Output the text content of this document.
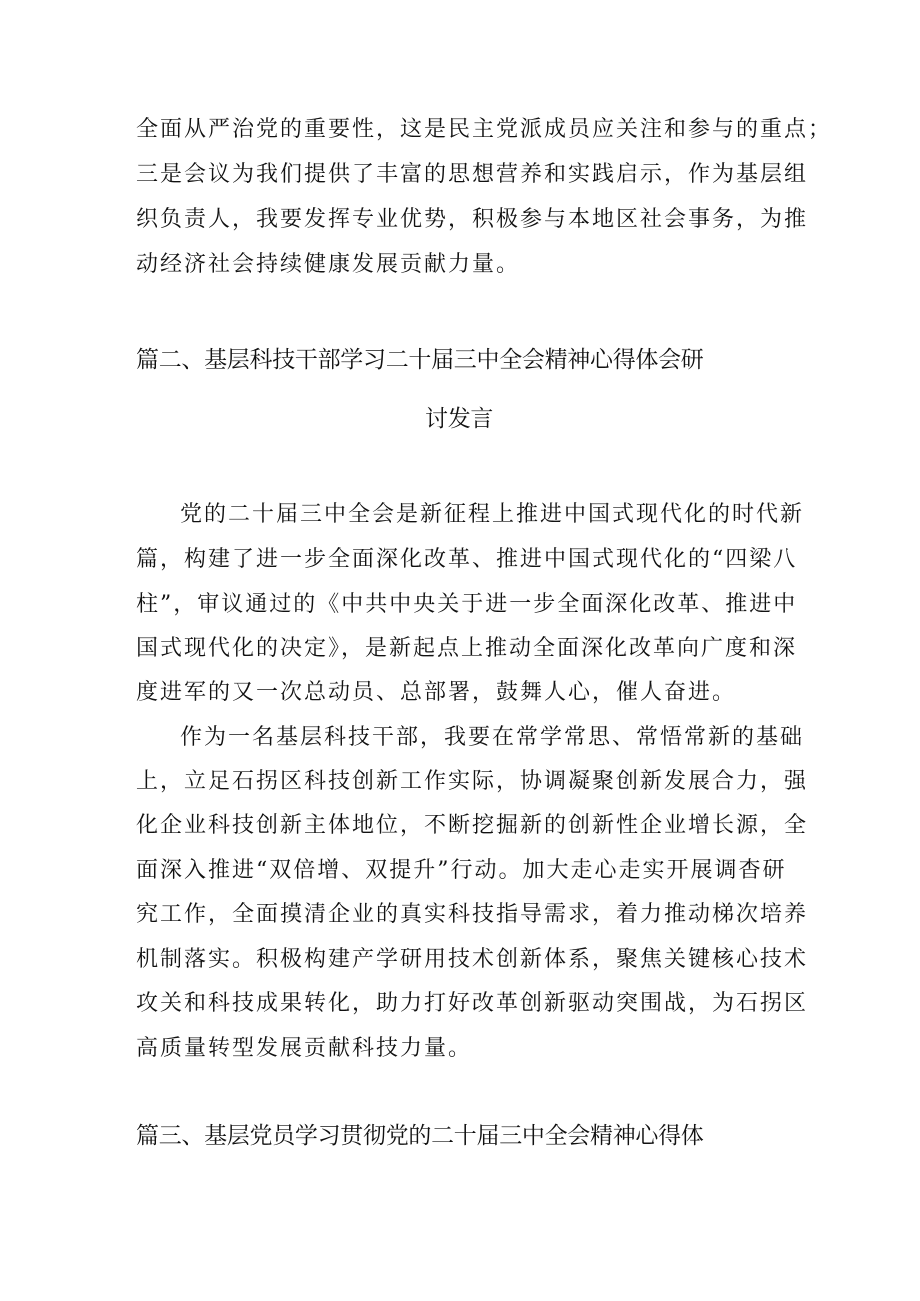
全面从严治党的重要性，这是民主党派成员应关注和参与的重点；
三是会议为我们提供了丰富的思想营养和实践启示，作为基层组
织负责人，我要发挥专业优势，积极参与本地区社会事务，为推
动经济社会持续健康发展贡献力量。
篇二、基层科技干部学习二十届三中全会精神心得体会研
讨发言
党的二十届三中全会是新征程上推进中国式现代化的时代新
篇，构建了进一步全面深化改革、推进中国式现代化的“四梁八
柱”，审议通过的《中共中央关于进一步全面深化改革、推进中
国式现代化的决定》，是新起点上推动全面深化改革向广度和深
度进军的又一次总动员、总部署，鼓舞人心，催人奋进。
作为一名基层科技干部，我要在常学常思、常悟常新的基础
上，立足石拐区科技创新工作实际，协调凝聚创新发展合力，强
化企业科技创新主体地位，不断挖掘新的创新性企业增长源，全
面深入推进“双倍增、双提升”行动。加大走心走实开展调杳研
究工作，全面摸清企业的真实科技指导需求，着力推动梯次培养
机制落实。积极构建产学研用技术创新体系，聚焦关键核心技术
攻关和科技成果转化，助力打好改革创新驱动突围战，为石拐区
高质量转型发展贡献科技力量。
篇三、基层党员学习贯彻党的二十届三中全会精神心得体
